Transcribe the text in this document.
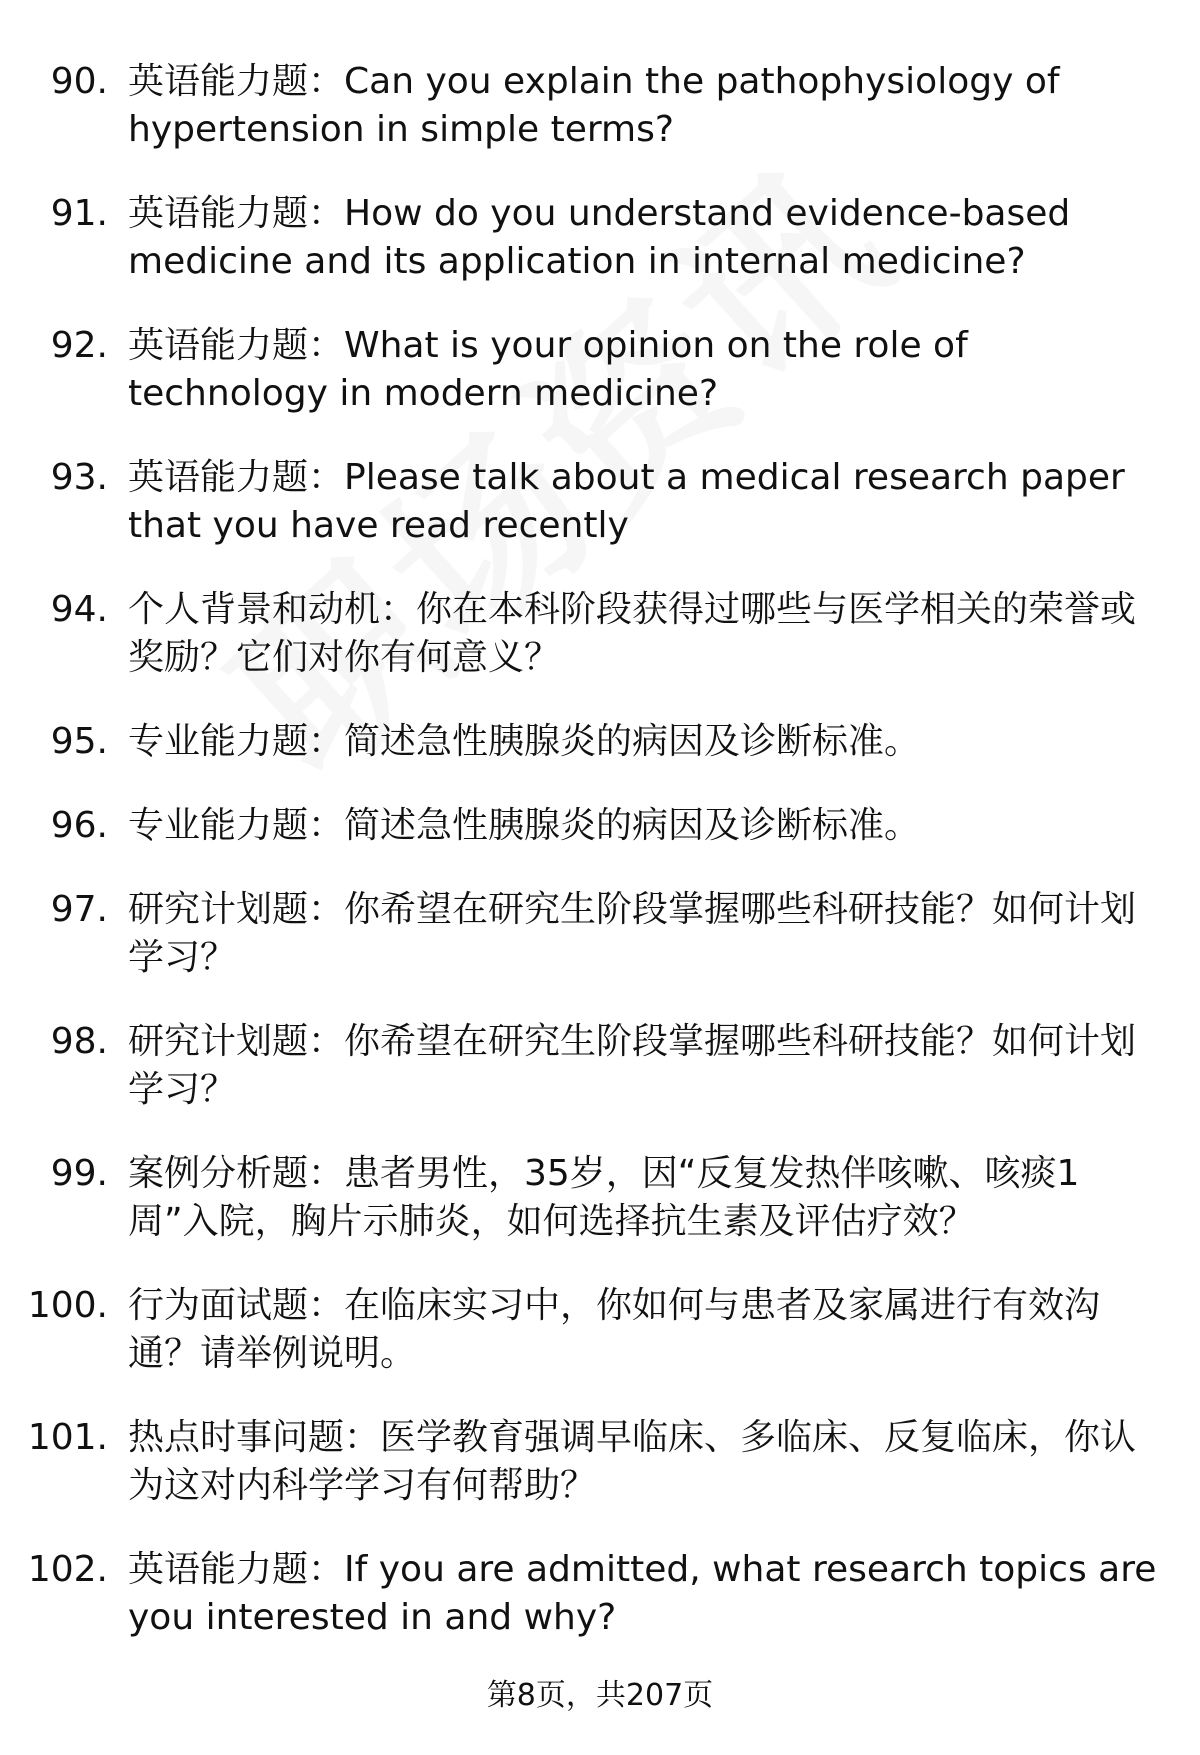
90. 英语能力题：Can you explain the pathophysiology of hypertension in simple terms?
91. 英语能力题：How do you understand evidence-based medicine and its application in internal medicine?
92. 英语能力题：What is your opinion on the role of technology in modern medicine?
93. 英语能力题：Please talk about a medical research paper that you have read recently
94. 个人背景和动机：你在本科阶段获得过哪些与医学相关的荣誉或奖励？它们对你有何意义？
95. 专业能力题：简述急性胰腺炎的病因及诊断标准。
96. 专业能力题：简述急性胰腺炎的病因及诊断标准。
97. 研究计划题：你希望在研究生阶段掌握哪些科研技能？如何计划学习？
98. 研究计划题：你希望在研究生阶段掌握哪些科研技能？如何计划学习？
99. 案例分析题：患者男性，35岁，因“反复发热伴咳嗽、咳痰1周”入院，胸片示肺炎，如何选择抗生素及评估疗效？
100. 行为面试题：在临床实习中，你如何与患者及家属进行有效沟通？请举例说明。
101. 热点时事问题：医学教育强调早临床、多临床、反复临床，你认为这对内科学学习有何帮助？
102. 英语能力题：If you are admitted, what research topics are you interested in and why?
第8页，共207页
